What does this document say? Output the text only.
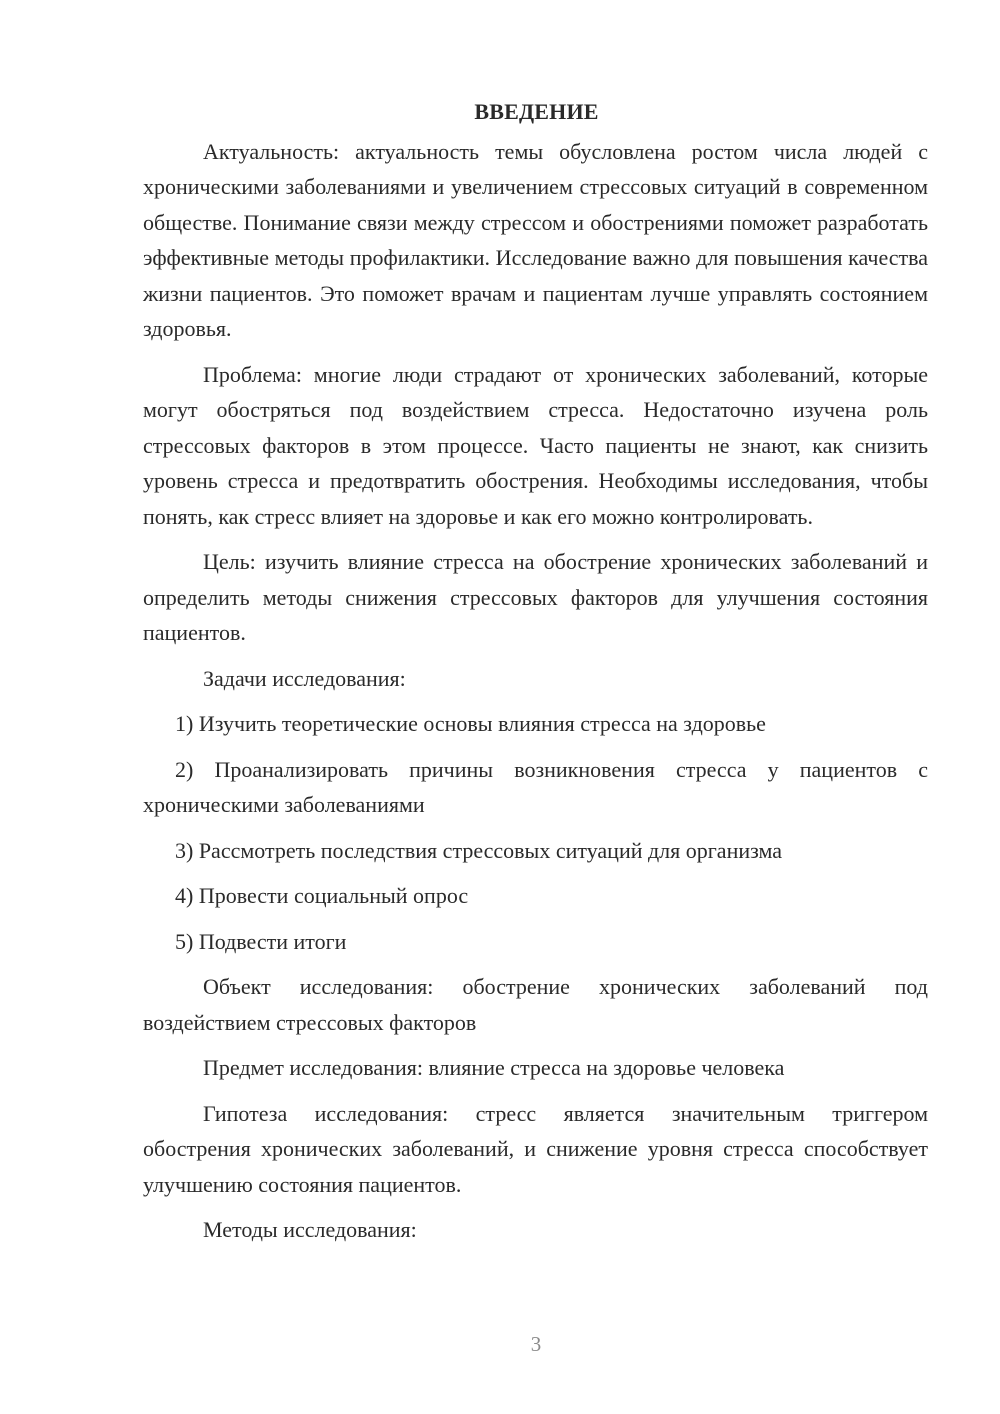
ВВЕДЕНИЕ

Актуальность: актуальность темы обусловлена ростом числа людей с хроническими заболеваниями и увеличением стрессовых ситуаций в современном обществе. Понимание связи между стрессом и обострениями поможет разработать эффективные методы профилактики. Исследование важно для повышения качества жизни пациентов. Это поможет врачам и пациентам лучше управлять состоянием здоровья.

Проблема: многие люди страдают от хронических заболеваний, которые могут обостряться под воздействием стресса. Недостаточно изучена роль стрессовых факторов в этом процессе. Часто пациенты не знают, как снизить уровень стресса и предотвратить обострения. Необходимы исследования, чтобы понять, как стресс влияет на здоровье и как его можно контролировать.

Цель: изучить влияние стресса на обострение хронических заболеваний и определить методы снижения стрессовых факторов для улучшения состояния пациентов.

Задачи исследования:

1) Изучить теоретические основы влияния стресса на здоровье

2) Проанализировать причины возникновения стресса у пациентов с хроническими заболеваниями

3) Рассмотреть последствия стрессовых ситуаций для организма

4) Провести социальный опрос

5) Подвести итоги

Объект исследования: обострение хронических заболеваний под воздействием стрессовых факторов

Предмет исследования: влияние стресса на здоровье человека

Гипотеза исследования: стресс является значительным триггером обострения хронических заболеваний, и снижение уровня стресса способствует улучшению состояния пациентов.

Методы исследования:

3
